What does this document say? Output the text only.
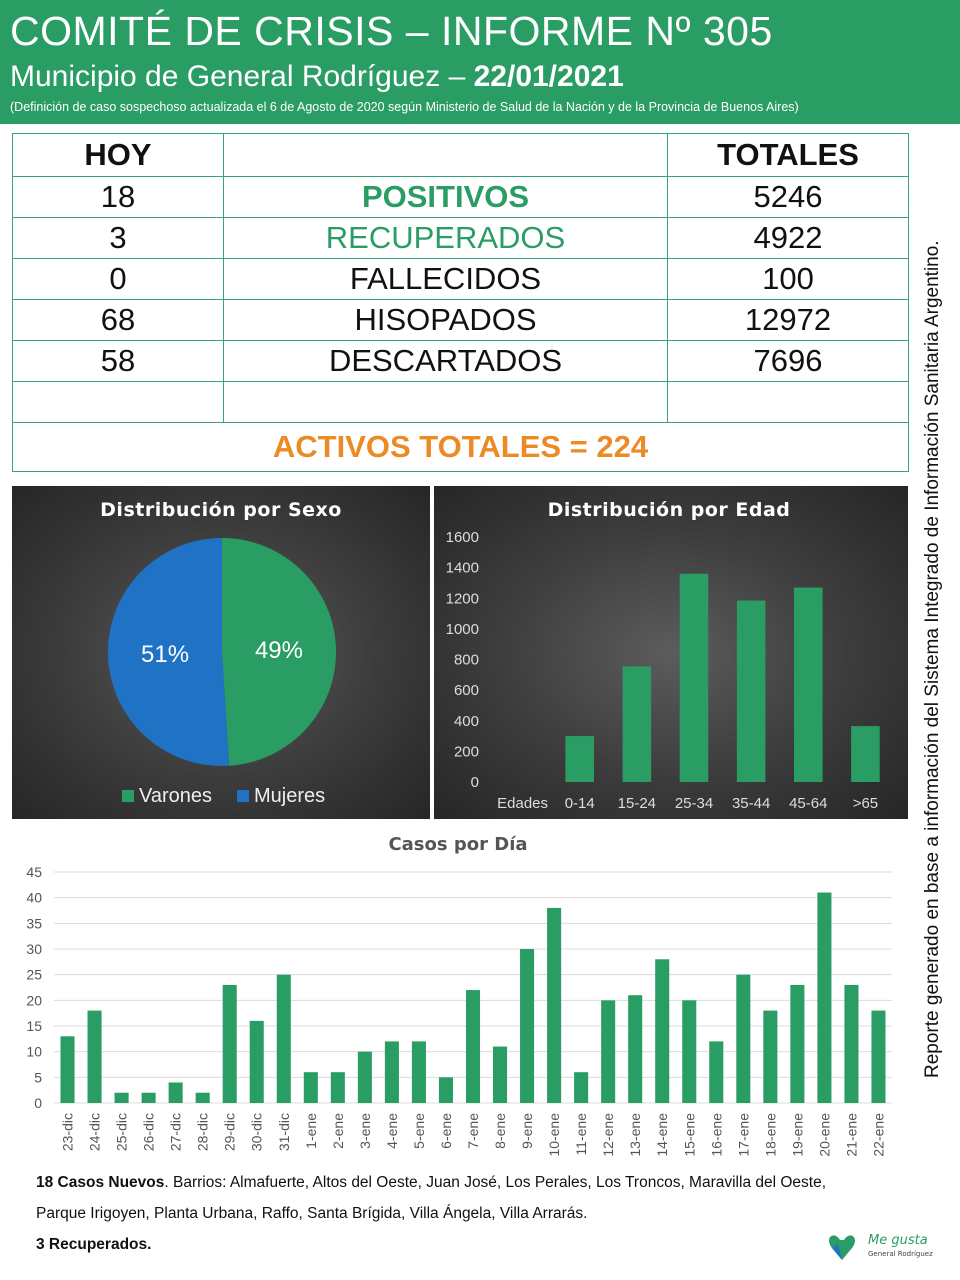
COMITÉ DE CRISIS – INFORME Nº 305
Municipio de General Rodríguez – 22/01/2021
(Definición de caso sospechoso actualizada el 6 de Agosto de 2020 según Ministerio de Salud de la Nación y de la Provincia de Buenos Aires)
HOY		TOTALES
18	POSITIVOS	5246
3	RECUPERADOS	4922
0	FALLECIDOS	100
68	HISOPADOS	12972
58	DESCARTADOS	7696

ACTIVOS TOTALES = 224			Reporte generado en base a información del Sistema Integrado de Información Sanitaria Argentino.
Distribución por Sexo
49%
51%
Varones Mujeres
Distribución por Edad
0
200
400
600
800
1000
1200
1400
1600
Edades 0-14 15-24 25-34 35-44 45-64 >65
Casos por Día
0
5
10
15
20
25
30
35
40
45
23-dic 24-dic 25-dic 26-dic 27-dic 28-dic 29-dic 30-dic 31-dic 1-ene 2-ene 3-ene 4-ene 5-ene 6-ene 7-ene 8-ene 9-ene 10-ene 11-ene 12-ene 13-ene 14-ene 15-ene 16-ene 17-ene 18-ene 19-ene 20-ene 21-ene 22-ene
18 Casos Nuevos. Barrios: Almafuerte, Altos del Oeste, Juan José, Los Perales, Los Troncos, Maravilla del Oeste,
Parque Irigoyen, Planta Urbana, Raffo, Santa Brígida, Villa Ángela, Villa Arrarás.
3 Recuperados.	Me gusta
General Rodríguez
